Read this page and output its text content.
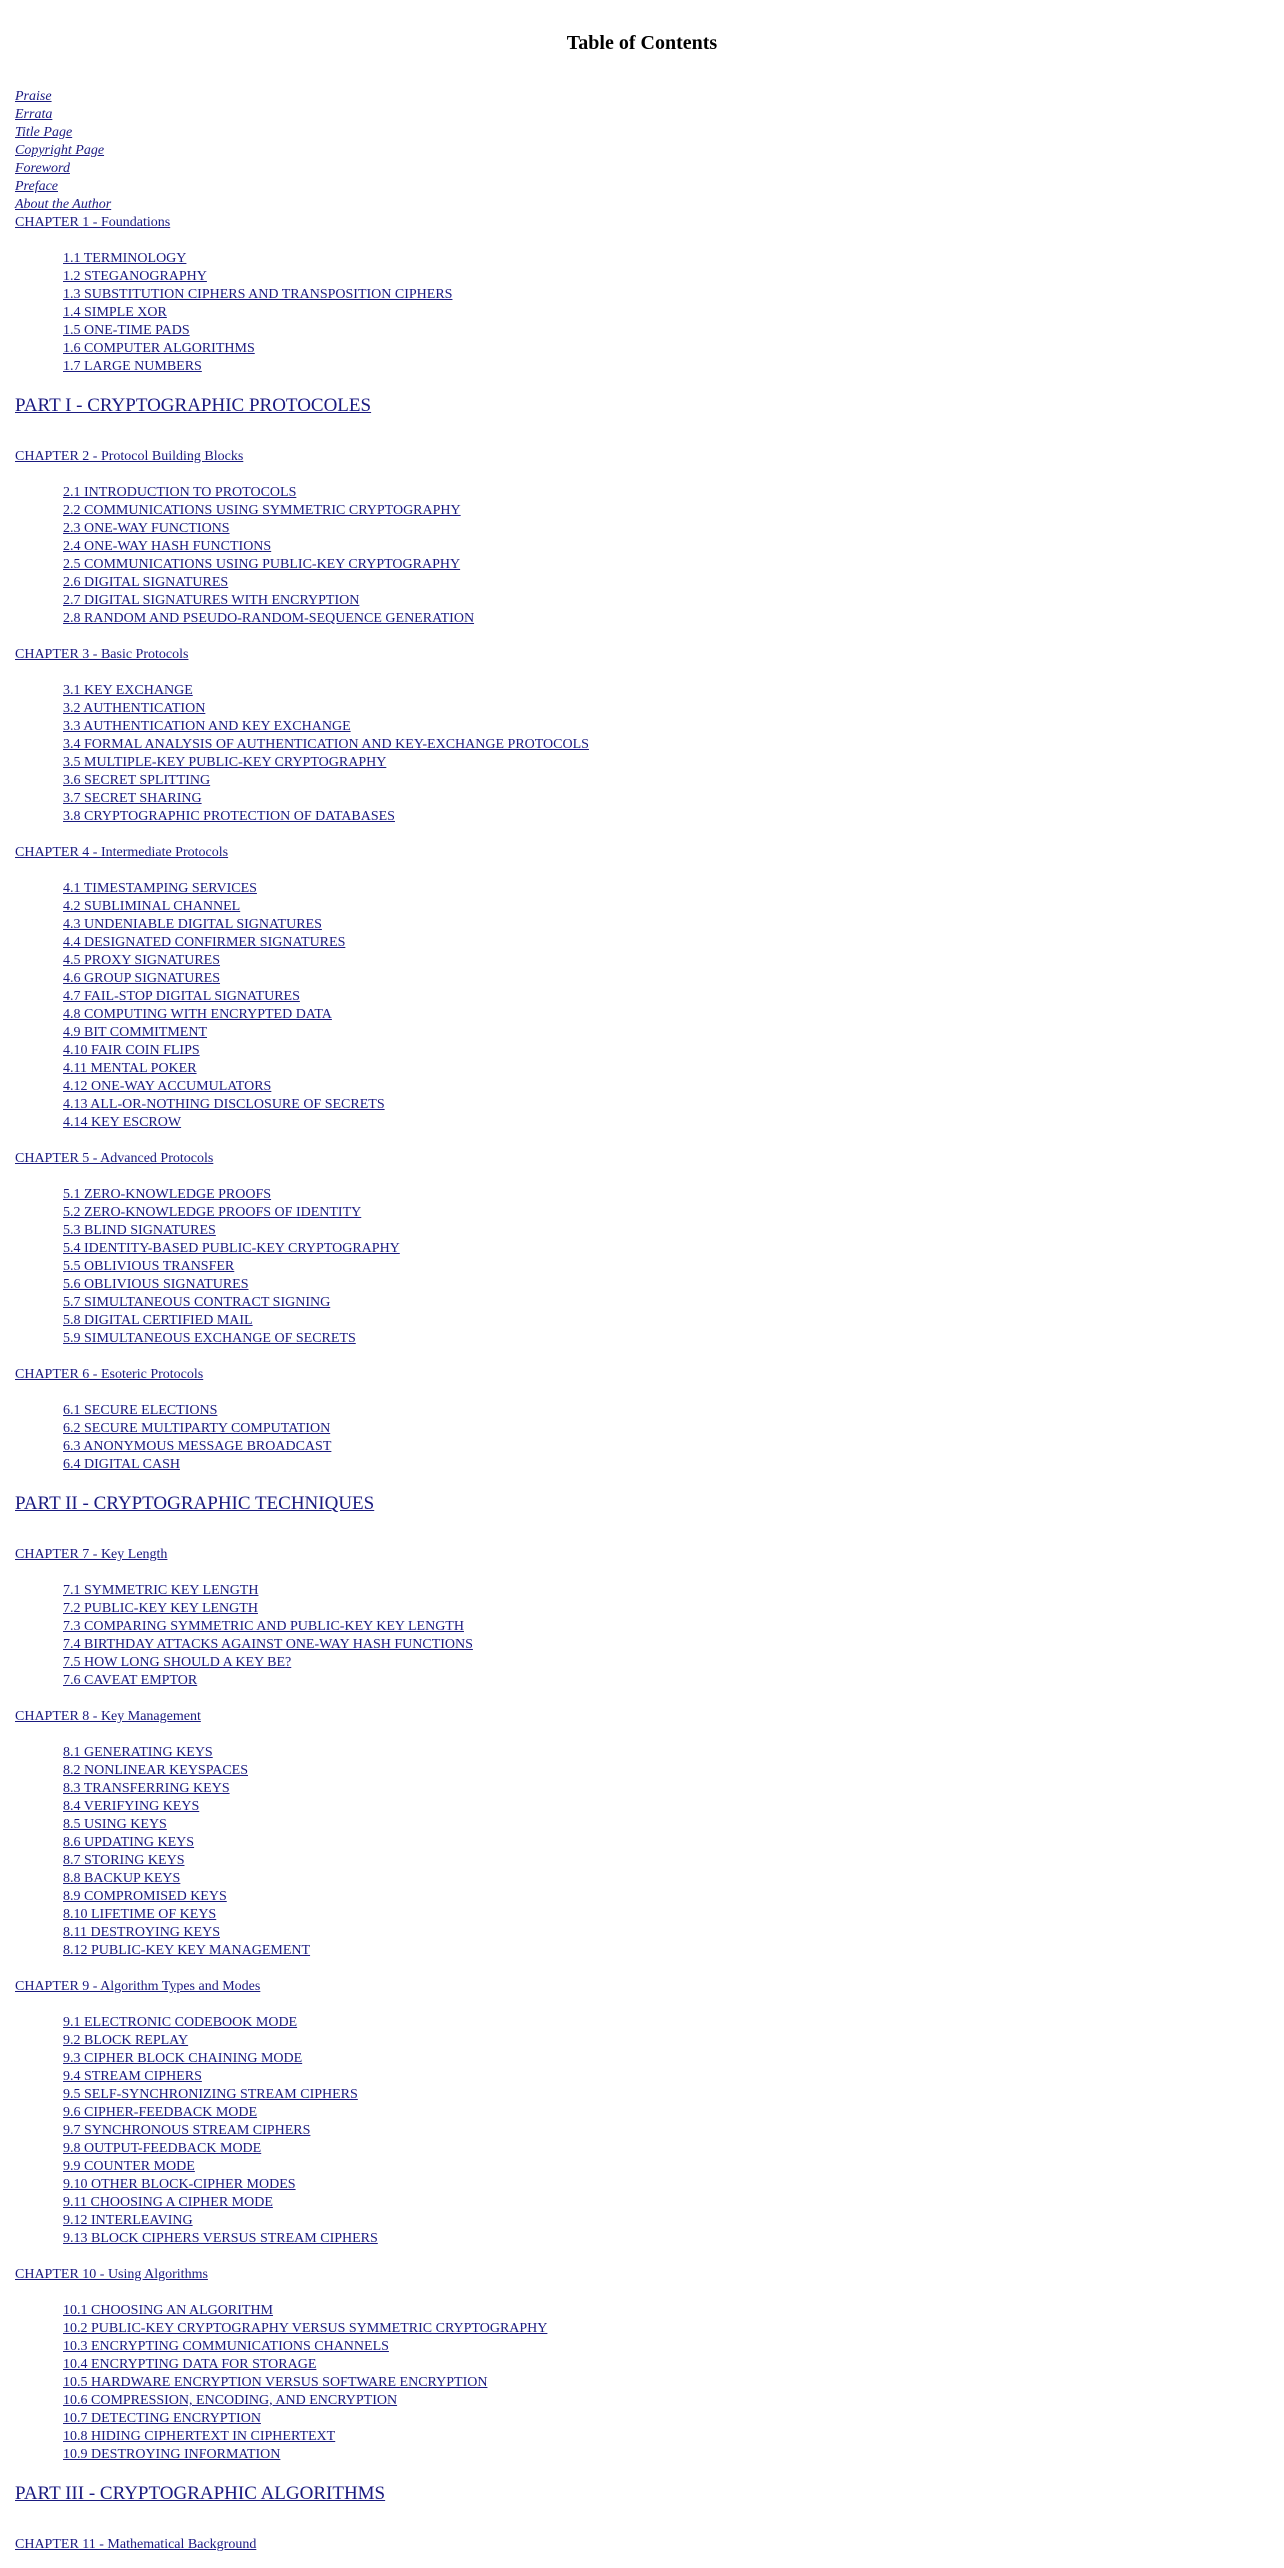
Table of Contents
Praise
Errata
Title Page
Copyright Page
Foreword
Preface
About the Author
CHAPTER 1 - Foundations
1.1 TERMINOLOGY
1.2 STEGANOGRAPHY
1.3 SUBSTITUTION CIPHERS AND TRANSPOSITION CIPHERS
1.4 SIMPLE XOR
1.5 ONE-TIME PADS
1.6 COMPUTER ALGORITHMS
1.7 LARGE NUMBERS
PART I - CRYPTOGRAPHIC PROTOCOLES
CHAPTER 2 - Protocol Building Blocks
2.1 INTRODUCTION TO PROTOCOLS
2.2 COMMUNICATIONS USING SYMMETRIC CRYPTOGRAPHY
2.3 ONE-WAY FUNCTIONS
2.4 ONE-WAY HASH FUNCTIONS
2.5 COMMUNICATIONS USING PUBLIC-KEY CRYPTOGRAPHY
2.6 DIGITAL SIGNATURES
2.7 DIGITAL SIGNATURES WITH ENCRYPTION
2.8 RANDOM AND PSEUDO-RANDOM-SEQUENCE GENERATION
CHAPTER 3 - Basic Protocols
3.1 KEY EXCHANGE
3.2 AUTHENTICATION
3.3 AUTHENTICATION AND KEY EXCHANGE
3.4 FORMAL ANALYSIS OF AUTHENTICATION AND KEY-EXCHANGE PROTOCOLS
3.5 MULTIPLE-KEY PUBLIC-KEY CRYPTOGRAPHY
3.6 SECRET SPLITTING
3.7 SECRET SHARING
3.8 CRYPTOGRAPHIC PROTECTION OF DATABASES
CHAPTER 4 - Intermediate Protocols
4.1 TIMESTAMPING SERVICES
4.2 SUBLIMINAL CHANNEL
4.3 UNDENIABLE DIGITAL SIGNATURES
4.4 DESIGNATED CONFIRMER SIGNATURES
4.5 PROXY SIGNATURES
4.6 GROUP SIGNATURES
4.7 FAIL-STOP DIGITAL SIGNATURES
4.8 COMPUTING WITH ENCRYPTED DATA
4.9 BIT COMMITMENT
4.10 FAIR COIN FLIPS
4.11 MENTAL POKER
4.12 ONE-WAY ACCUMULATORS
4.13 ALL-OR-NOTHING DISCLOSURE OF SECRETS
4.14 KEY ESCROW
CHAPTER 5 - Advanced Protocols
5.1 ZERO-KNOWLEDGE PROOFS
5.2 ZERO-KNOWLEDGE PROOFS OF IDENTITY
5.3 BLIND SIGNATURES
5.4 IDENTITY-BASED PUBLIC-KEY CRYPTOGRAPHY
5.5 OBLIVIOUS TRANSFER
5.6 OBLIVIOUS SIGNATURES
5.7 SIMULTANEOUS CONTRACT SIGNING
5.8 DIGITAL CERTIFIED MAIL
5.9 SIMULTANEOUS EXCHANGE OF SECRETS
CHAPTER 6 - Esoteric Protocols
6.1 SECURE ELECTIONS
6.2 SECURE MULTIPARTY COMPUTATION
6.3 ANONYMOUS MESSAGE BROADCAST
6.4 DIGITAL CASH
PART II - CRYPTOGRAPHIC TECHNIQUES
CHAPTER 7 - Key Length
7.1 SYMMETRIC KEY LENGTH
7.2 PUBLIC-KEY KEY LENGTH
7.3 COMPARING SYMMETRIC AND PUBLIC-KEY KEY LENGTH
7.4 BIRTHDAY ATTACKS AGAINST ONE-WAY HASH FUNCTIONS
7.5 HOW LONG SHOULD A KEY BE?
7.6 CAVEAT EMPTOR
CHAPTER 8 - Key Management
8.1 GENERATING KEYS
8.2 NONLINEAR KEYSPACES
8.3 TRANSFERRING KEYS
8.4 VERIFYING KEYS
8.5 USING KEYS
8.6 UPDATING KEYS
8.7 STORING KEYS
8.8 BACKUP KEYS
8.9 COMPROMISED KEYS
8.10 LIFETIME OF KEYS
8.11 DESTROYING KEYS
8.12 PUBLIC-KEY KEY MANAGEMENT
CHAPTER 9 - Algorithm Types and Modes
9.1 ELECTRONIC CODEBOOK MODE
9.2 BLOCK REPLAY
9.3 CIPHER BLOCK CHAINING MODE
9.4 STREAM CIPHERS
9.5 SELF-SYNCHRONIZING STREAM CIPHERS
9.6 CIPHER-FEEDBACK MODE
9.7 SYNCHRONOUS STREAM CIPHERS
9.8 OUTPUT-FEEDBACK MODE
9.9 COUNTER MODE
9.10 OTHER BLOCK-CIPHER MODES
9.11 CHOOSING A CIPHER MODE
9.12 INTERLEAVING
9.13 BLOCK CIPHERS VERSUS STREAM CIPHERS
CHAPTER 10 - Using Algorithms
10.1 CHOOSING AN ALGORITHM
10.2 PUBLIC-KEY CRYPTOGRAPHY VERSUS SYMMETRIC CRYPTOGRAPHY
10.3 ENCRYPTING COMMUNICATIONS CHANNELS
10.4 ENCRYPTING DATA FOR STORAGE
10.5 HARDWARE ENCRYPTION VERSUS SOFTWARE ENCRYPTION
10.6 COMPRESSION, ENCODING, AND ENCRYPTION
10.7 DETECTING ENCRYPTION
10.8 HIDING CIPHERTEXT IN CIPHERTEXT
10.9 DESTROYING INFORMATION
PART III - CRYPTOGRAPHIC ALGORITHMS
CHAPTER 11 - Mathematical Background
